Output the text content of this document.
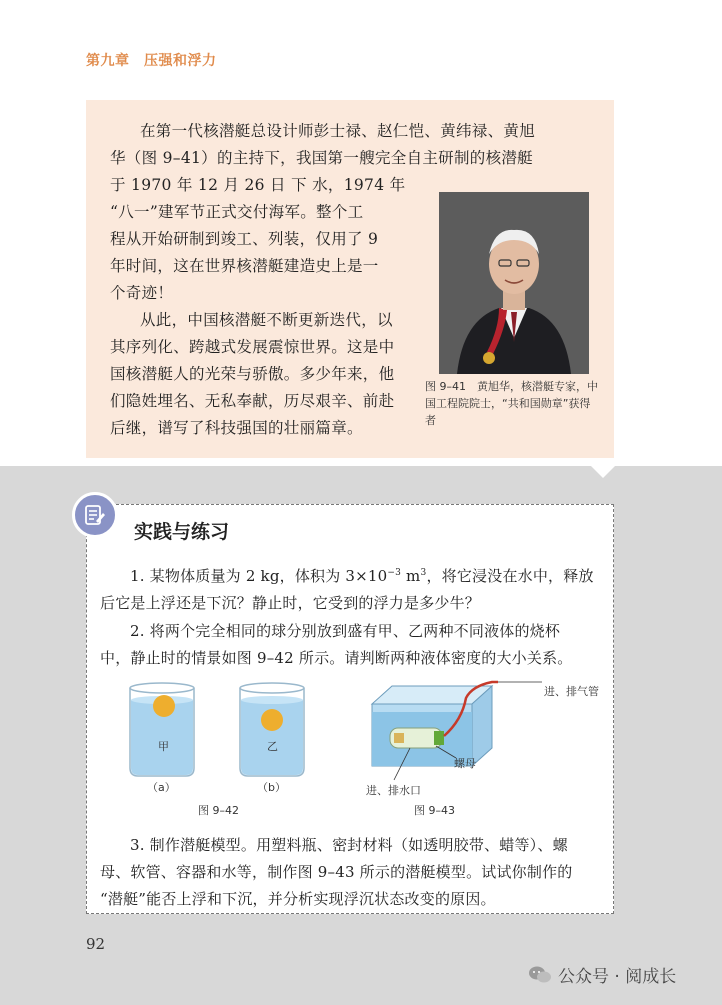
第九章　压强和浮力

在第一代核潜艇总设计师彭士禄、赵仁恺、黄纬禄、黄旭

华（图 9–41）的主持下，我国第一艘完全自主研制的核潜艇

于 1970 年 12 月 26 日 下 水，1974 年

“八一”建军节正式交付海军。整个工

程从开始研制到竣工、列装，仅用了 9

年时间，这在世界核潜艇建造史上是一

个奇迹！

从此，中国核潜艇不断更新迭代，以

其序列化、跨越式发展震惊世界。这是中

国核潜艇人的光荣与骄傲。多少年来，他

们隐姓埋名、无私奉献，历尽艰辛、前赴

后继，谱写了科技强国的壮丽篇章。

图 9–41　黄旭华，核潜艇专家，中国工程院院士，“共和国勋章”获得者
实践与练习
1. 某物体质量为 2 kg，体积为 $3\times 10^{-3}$ $m^3$，将它浸没在水中，释放
后它是上浮还是下沉？静止时，它受到的浮力是多少牛？
2. 将两个完全相同的球分别放到盛有甲、乙两种不同液体的烧杯
中，静止时的情景如图 9–42 所示。请判断两种液体密度的大小关系。
甲	乙
（a）	（b）
图 9–42
进、排气管
螺母
进、排水口
图 9–43
3. 制作潜艇模型。用塑料瓶、密封材料（如透明胶带、蜡等）、螺
母、软管、容器和水等，制作图 9–43 所示的潜艇模型。试试你制作的
“潜艇”能否上浮和下沉，并分析实现浮沉状态改变的原因。
92
公众号 · 阅成长
